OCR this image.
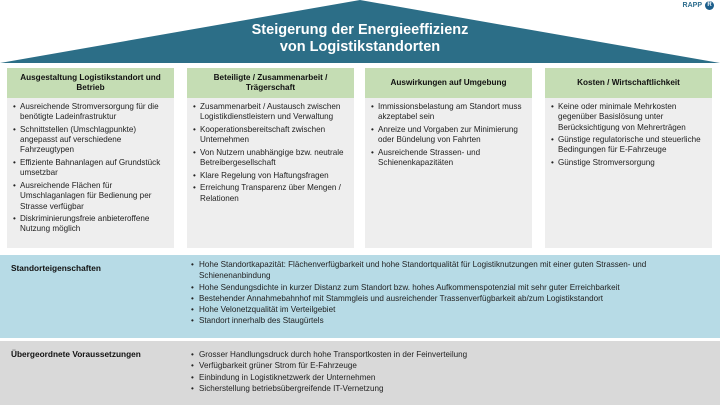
Steigerung der Energieeffizienz
von Logistikstandorten
RAPP R
Ausgestaltung Logistikstandort und Betrieb
• Ausreichende Stromversorgung für die benötigte Ladeinfrastruktur
• Schnittstellen (Umschlagpunkte) angepasst auf verschiedene Fahrzeugtypen
• Effiziente Bahnanlagen auf Grundstück umsetzbar
• Ausreichende Flächen für Umschlaganlagen für Bedienung per Strasse verfügbar
• Diskriminierungsfreie anbieteroffene Nutzung möglich
Beteiligte / Zusammenarbeit / Trägerschaft
• Zusammenarbeit / Austausch zwischen Logistikdienstleistern und Verwaltung
• Kooperationsbereitschaft zwischen Unternehmen
• Von Nutzern unabhängige bzw. neutrale Betreibergesellschaft
• Klare Regelung von Haftungsfragen
• Erreichung Transparenz über Mengen / Relationen
Auswirkungen auf Umgebung
• Immissionsbelastung am Standort muss akzeptabel sein
• Anreize und Vorgaben zur Minimierung oder Bündelung von Fahrten
• Ausreichende Strassen- und Schienenkapazitäten
Kosten / Wirtschaftlichkeit
• Keine oder minimale Mehrkosten gegenüber Basislösung unter Berücksichtigung von Mehrerträgen
• Günstige regulatorische und steuerliche Bedingungen für E-Fahrzeuge
• Günstige Stromversorgung
Standorteigenschaften	• Hohe Standortkapazität: Flächenverfügbarkeit und hohe Standortqualität für Logistiknutzungen mit einer guten Strassen- und Schienenanbindung
• Hohe Sendungsdichte in kurzer Distanz zum Standort bzw. hohes Aufkommenspotenzial mit sehr guter Erreichbarkeit
• Bestehender Annahmebahnhof mit Stammgleis und ausreichender Trassenverfügbarkeit ab/zum Logistikstandort
• Hohe Velonetzqualität im Verteilgebiet
• Standort innerhalb des Staugürtels
Übergeordnete Voraussetzungen	• Grosser Handlungsdruck durch hohe Transportkosten in der Feinverteilung
• Verfügbarkeit grüner Strom für E-Fahrzeuge
• Einbindung in Logistiknetzwerk der Unternehmen
• Sicherstellung betriebsübergreifende IT-Vernetzung
